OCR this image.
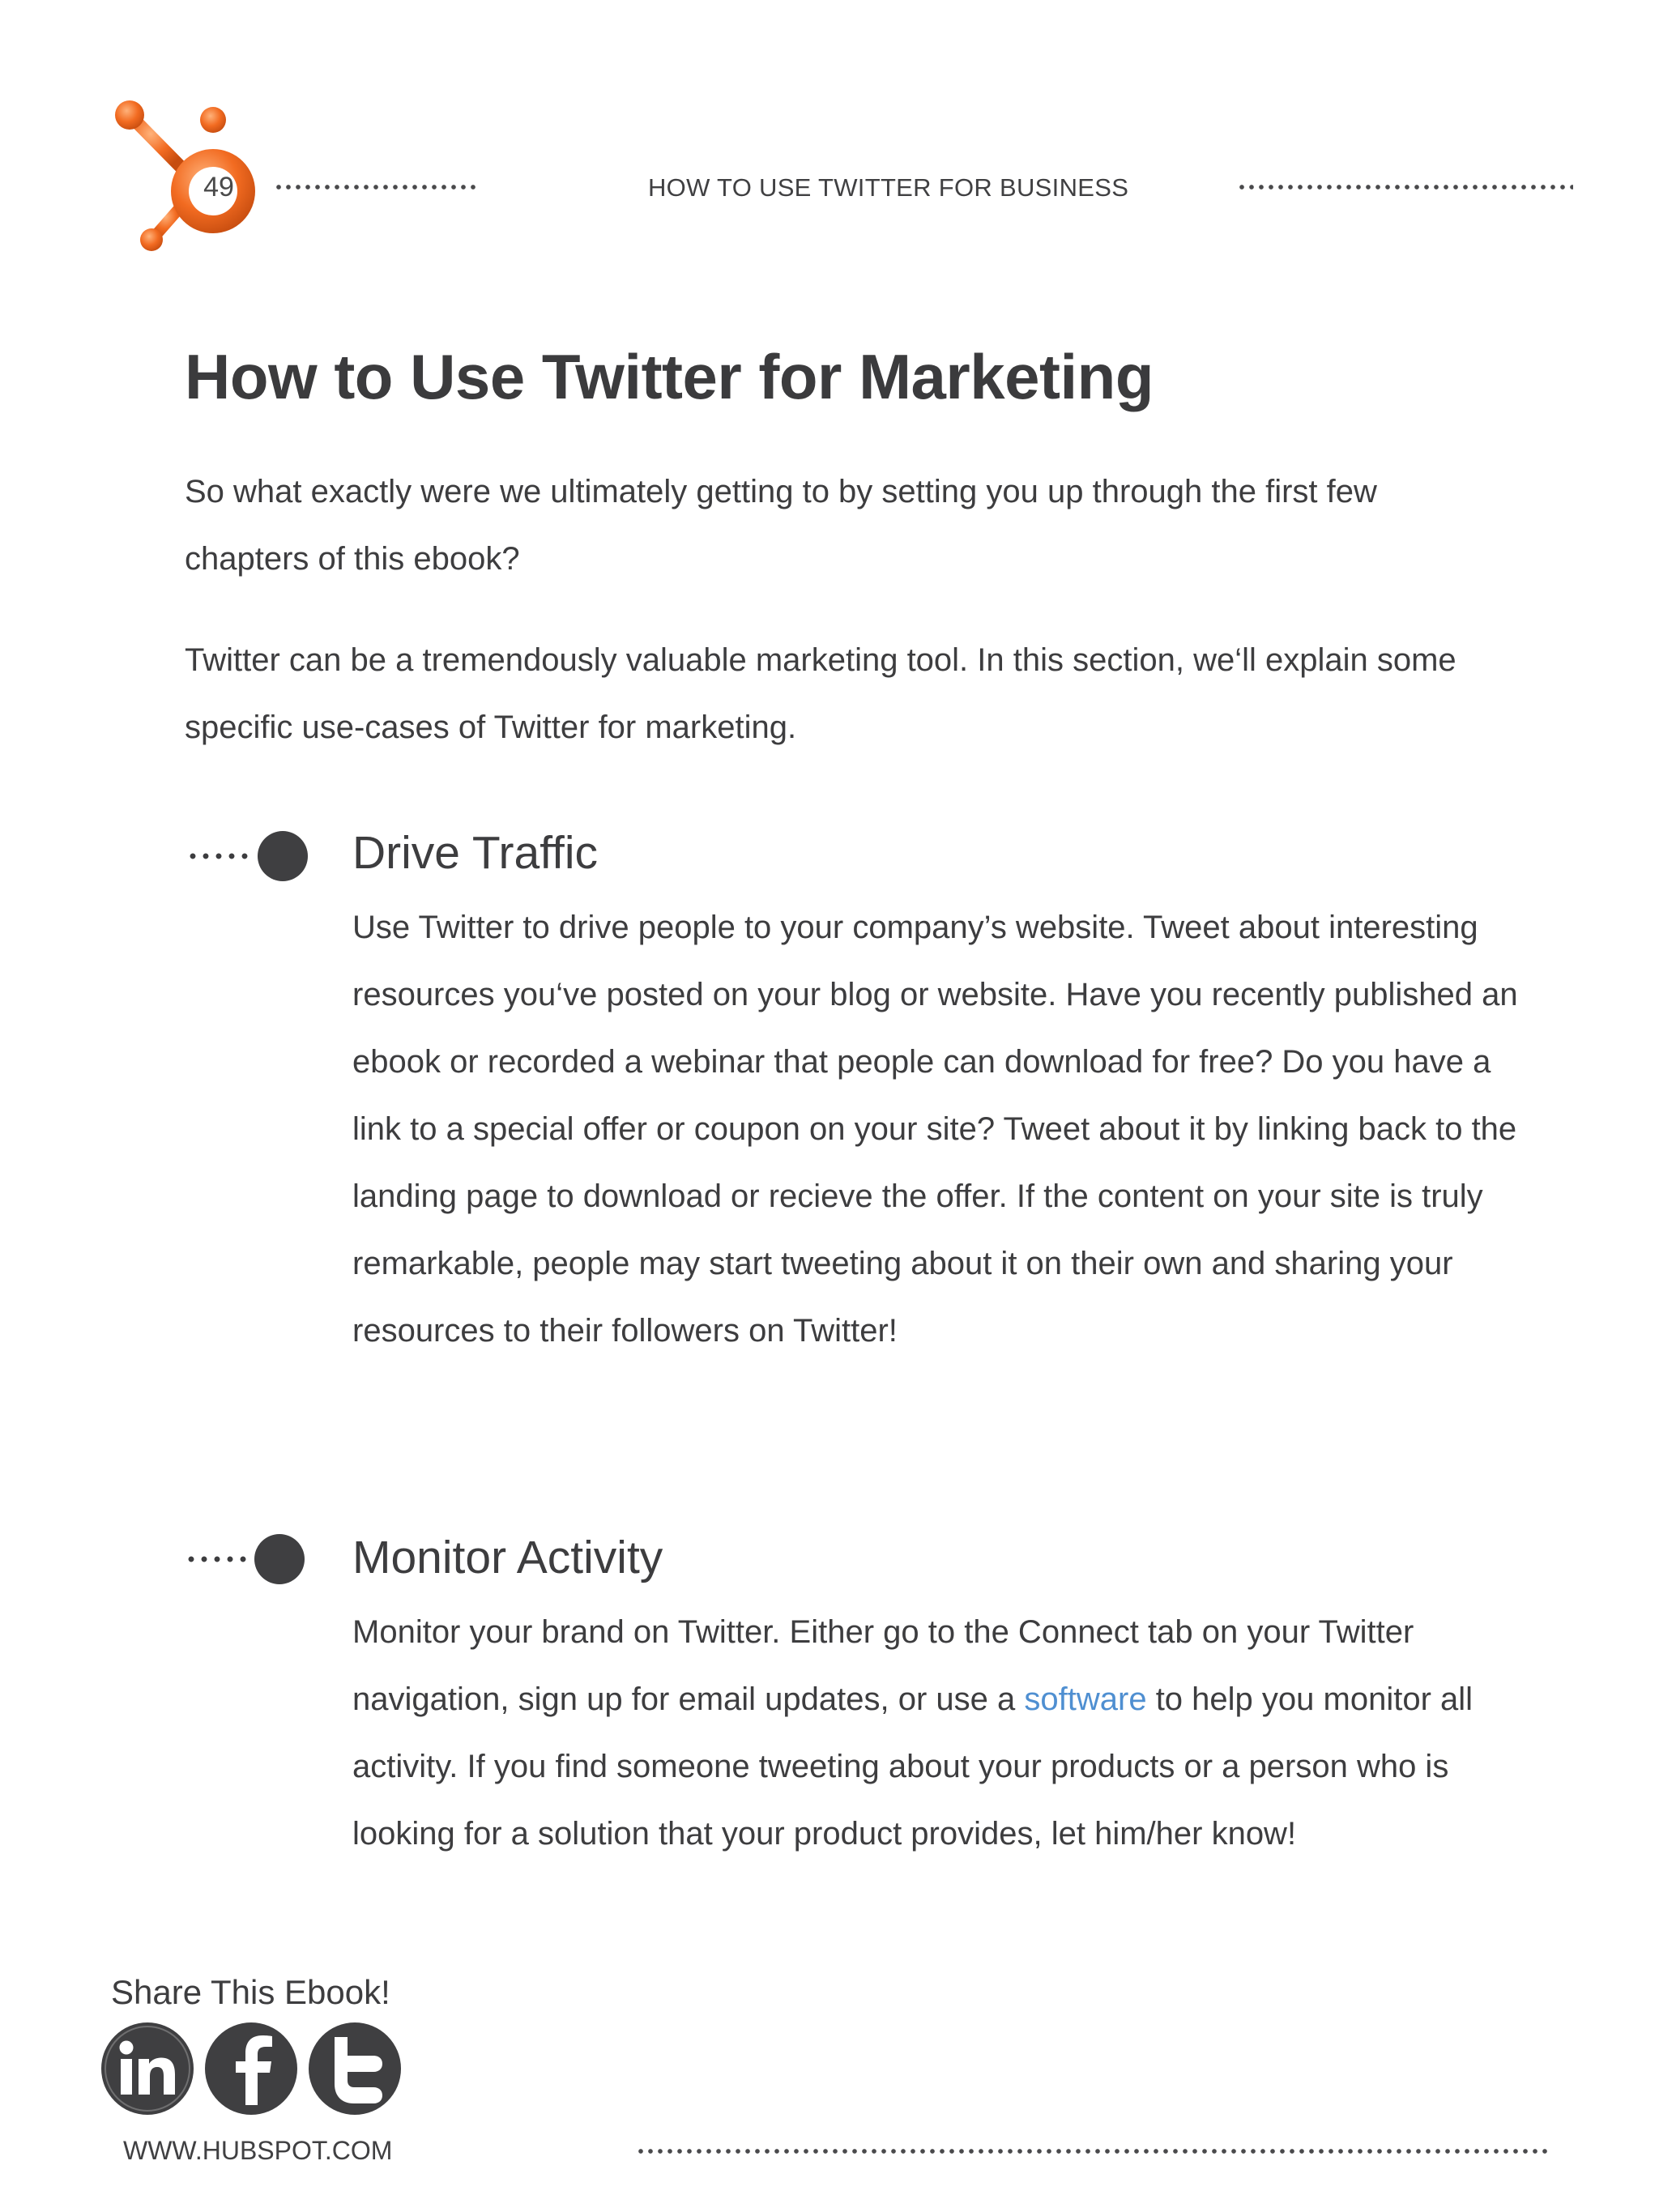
49	HOW TO USE TWITTER FOR BUSINESS
How to Use Twitter for Marketing
So what exactly were we ultimately getting to by setting you up through the first few chapters of this ebook?
Twitter can be a tremendously valuable marketing tool. In this section, we‘ll explain some specific use-cases of Twitter for marketing.
Drive Traffic
Use Twitter to drive people to your company’s website. Tweet about interesting resources you‘ve posted on your blog or website. Have you recently published an ebook or recorded a webinar that people can download for free? Do you have a link to a special offer or coupon on your site? Tweet about it by linking back to the landing page to download or recieve the offer. If the content on your site is truly remarkable, people may start tweeting about it on their own and sharing your resources to their followers on Twitter!
Monitor Activity
Monitor your brand on Twitter. Either go to the Connect tab on your Twitter navigation, sign up for email updates, or use a software to help you monitor all activity. If you find someone tweeting about your products or a person who is looking for a solution that your product provides, let him/her know!
Share This Ebook!
WWW.HUBSPOT.COM
